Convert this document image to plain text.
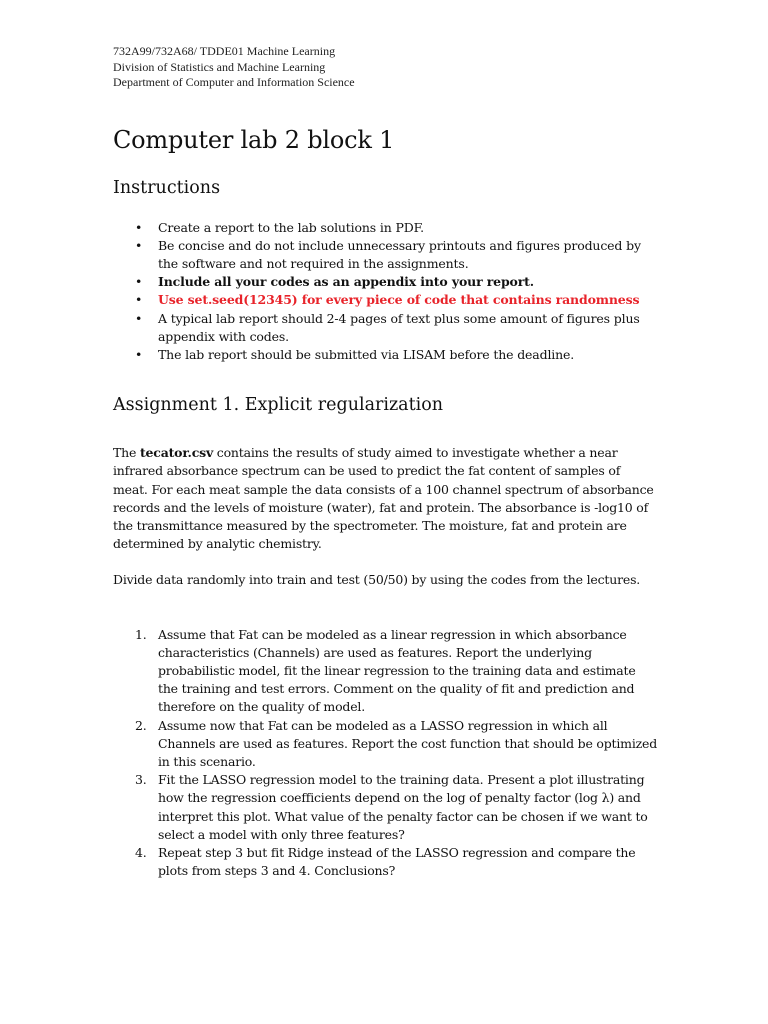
732A99/732A68/ TDDE01 Machine Learning
Division of Statistics and Machine Learning
Department of Computer and Information Science
Computer lab 2 block 1
Instructions
• Create a report to the lab solutions in PDF.
• Be concise and do not include unnecessary printouts and figures produced by the software and not required in the assignments.
• Include all your codes as an appendix into your report.
• Use set.seed(12345) for every piece of code that contains randomness
• A typical lab report should 2-4 pages of text plus some amount of figures plus appendix with codes.
• The lab report should be submitted via LISAM before the deadline.
Assignment 1. Explicit regularization

The tecator.csv contains the results of study aimed to investigate whether a near infrared absorbance spectrum can be used to predict the fat content of samples of meat. For each meat sample the data consists of a 100 channel spectrum of absorbance records and the levels of moisture (water), fat and protein. The absorbance is -log10 of the transmittance measured by the spectrometer. The moisture, fat and protein are determined by analytic chemistry.

Divide data randomly into train and test (50/50) by using the codes from the lectures.

1. Assume that Fat can be modeled as a linear regression in which absorbance characteristics (Channels) are used as features. Report the underlying probabilistic model, fit the linear regression to the training data and estimate the training and test errors. Comment on the quality of fit and prediction and therefore on the quality of model.
2. Assume now that Fat can be modeled as a LASSO regression in which all Channels are used as features. Report the cost function that should be optimized in this scenario.
3. Fit the LASSO regression model to the training data. Present a plot illustrating how the regression coefficients depend on the log of penalty factor (log λ) and interpret this plot. What value of the penalty factor can be chosen if we want to select a model with only three features?
4. Repeat step 3 but fit Ridge instead of the LASSO regression and compare the plots from steps 3 and 4. Conclusions?
